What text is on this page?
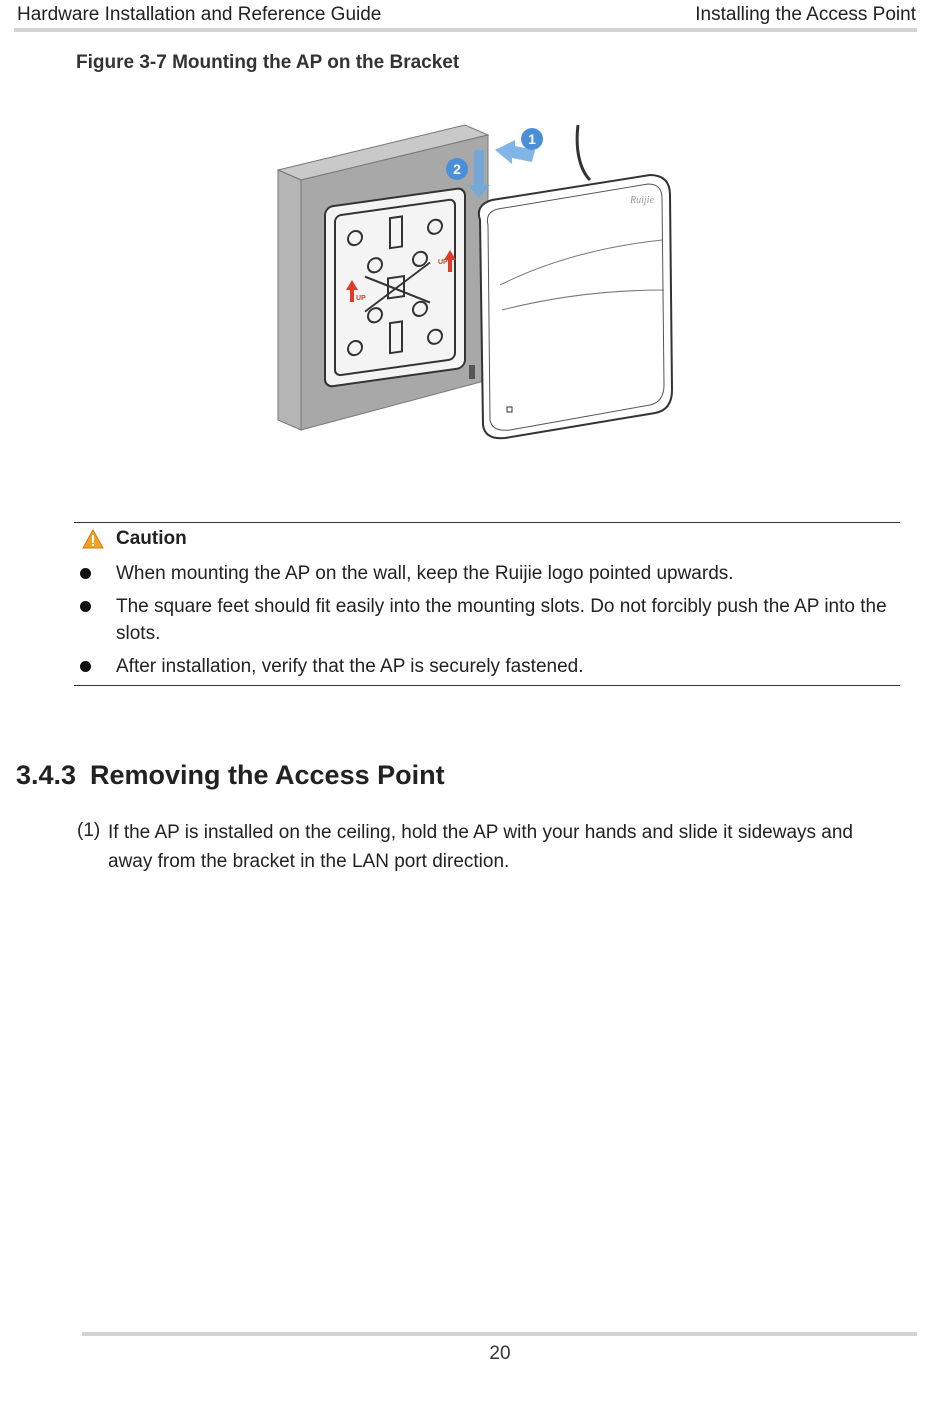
Hardware Installation and Reference Guide	Installing the Access Point
Figure 3-7 Mounting the AP on the Bracket
UP
UP
Ruijie
1
2
Caution
When mounting the AP on the wall, keep the Ruijie logo pointed upwards.
The square feet should fit easily into the mounting slots. Do not forcibly push the AP into the slots.
After installation, verify that the AP is securely fastened.
3.4.3 Removing the Access Point
(1) If the AP is installed on the ceiling, hold the AP with your hands and slide it sideways and away from the bracket in the LAN port direction.
20
